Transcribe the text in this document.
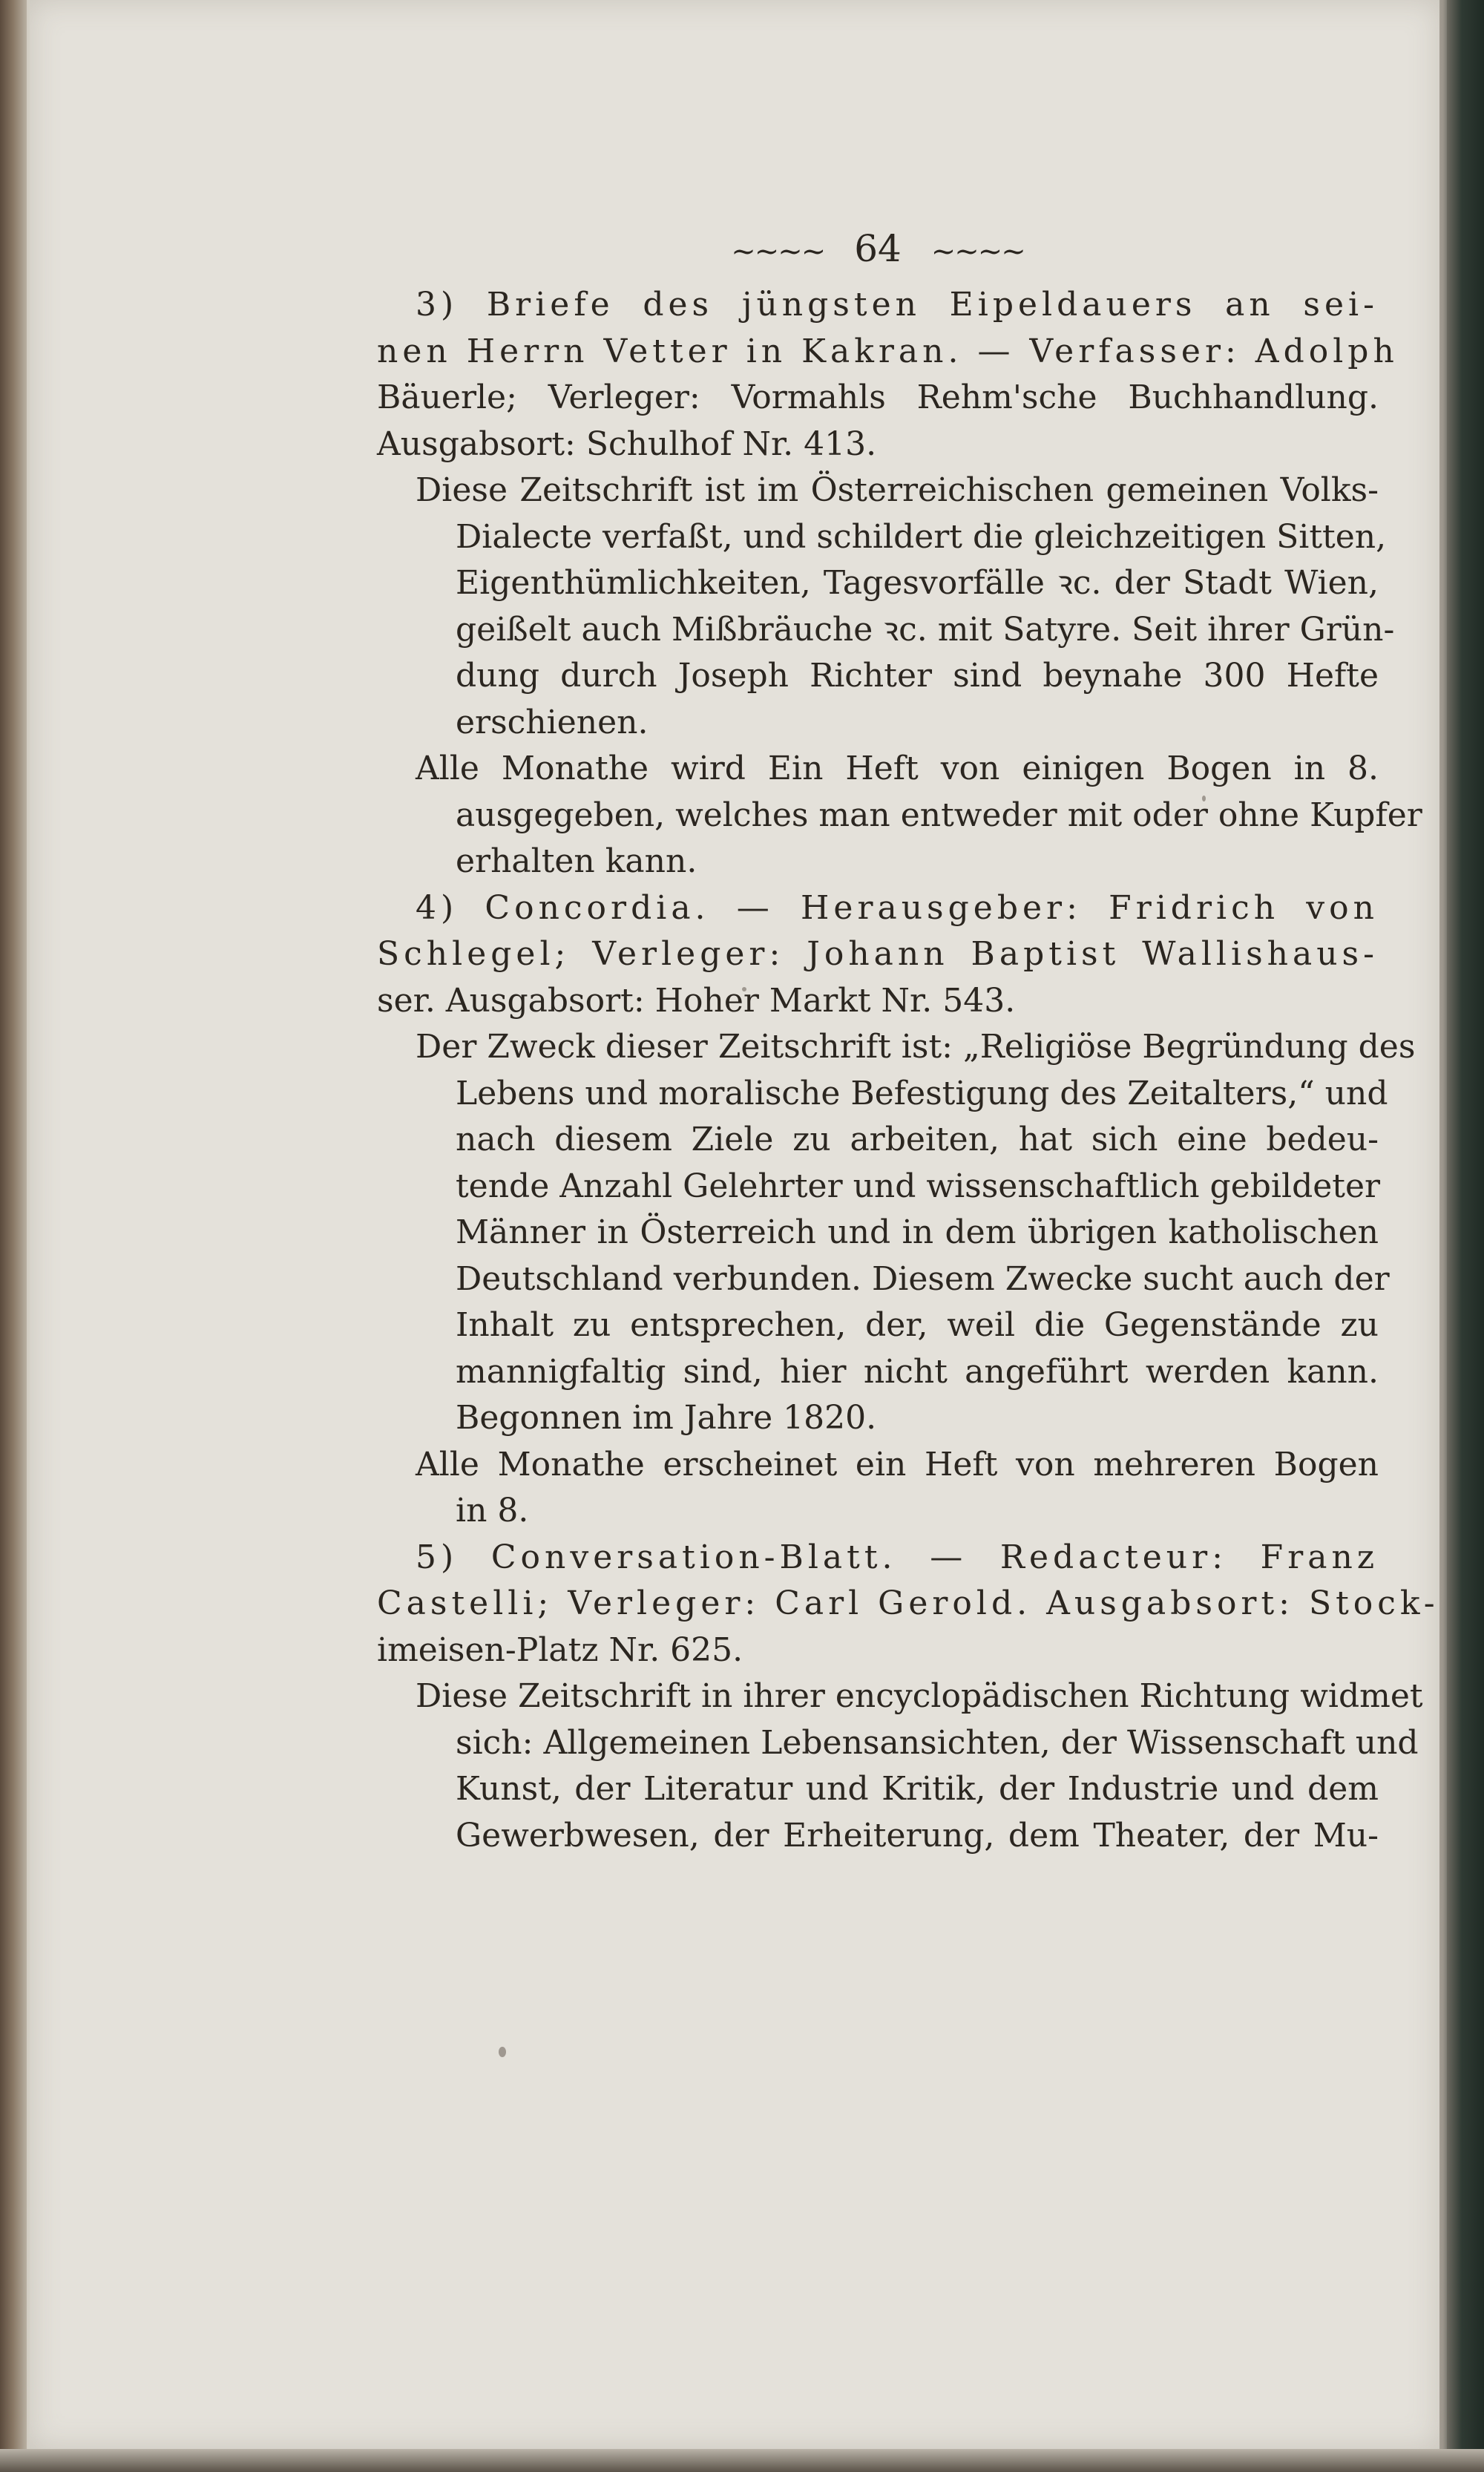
~~~~ 64 ~~~~
3) Briefe des jüngsten Eipeldauers an sei-
nen Herrn Vetter in Kakran. — Verfasser: Adolph
Bäuerle; Verleger: Vormahls Rehm'sche Buchhandlung.
Ausgabsort: Schulhof Nr. 413.
Diese Zeitschrift ist im Österreichischen gemeinen Volks-
Dialecte verfaßt, und schildert die gleichzeitigen Sitten,
Eigenthümlichkeiten, Tagesvorfälle ꝛc. der Stadt Wien,
geißelt auch Mißbräuche ꝛc. mit Satyre. Seit ihrer Grün-
dung durch Joseph Richter sind beynahe 300 Hefte
erschienen.
Alle Monathe wird Ein Heft von einigen Bogen in 8.
ausgegeben, welches man entweder mit oder ohne Kupfer
erhalten kann.
4) Concordia. — Herausgeber: Fridrich von
Schlegel; Verleger: Johann Baptist Wallishaus-
ser. Ausgabsort: Hoher Markt Nr. 543.
Der Zweck dieser Zeitschrift ist: „Religiöse Begründung des
Lebens und moralische Befestigung des Zeitalters,“ und
nach diesem Ziele zu arbeiten, hat sich eine bedeu-
tende Anzahl Gelehrter und wissenschaftlich gebildeter
Männer in Österreich und in dem übrigen katholischen
Deutschland verbunden. Diesem Zwecke sucht auch der
Inhalt zu entsprechen, der, weil die Gegenstände zu
mannigfaltig sind, hier nicht angeführt werden kann.
Begonnen im Jahre 1820.
Alle Monathe erscheinet ein Heft von mehreren Bogen
in 8.
5) Conversation-Blatt. — Redacteur: Franz
Castelli; Verleger: Carl Gerold. Ausgabsort: Stock-
imeisen-Platz Nr. 625.
Diese Zeitschrift in ihrer encyclopädischen Richtung widmet
sich: Allgemeinen Lebensansichten, der Wissenschaft und
Kunst, der Literatur und Kritik, der Industrie und dem
Gewerbwesen, der Erheiterung, dem Theater, der Mu-
